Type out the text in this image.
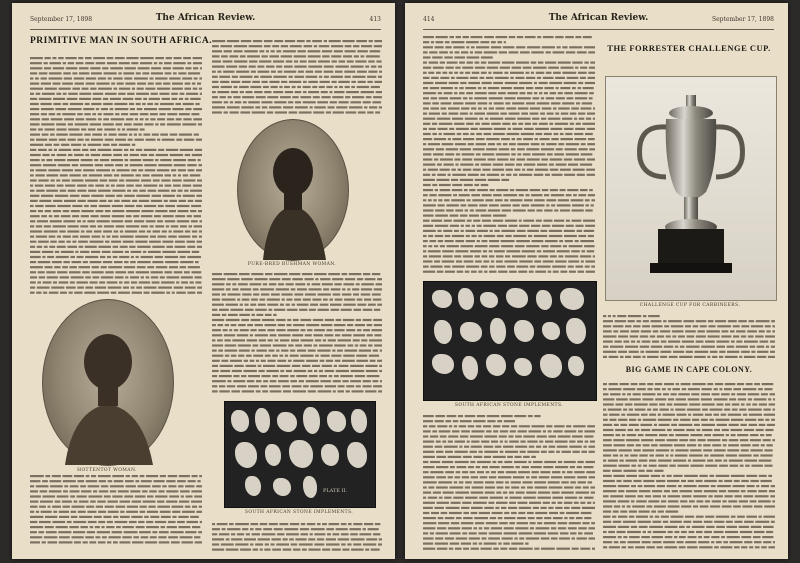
September 17, 1898	The African Review.	413
PRIMITIVE MAN IN SOUTH AFRICA.
PURE-BRED BUSHMAN WOMAN.
HOTTENTOT WOMAN.
PLATE II.
SOUTH AFRICAN STONE IMPLEMENTS.
414	The African Review.	September 17, 1898
THE FORRESTER CHALLENGE CUP.
CHALLENGE CUP FOR CARBINEERS.
BIG GAME IN CAPE COLONY.
SOUTH AFRICAN STONE IMPLEMENTS.
